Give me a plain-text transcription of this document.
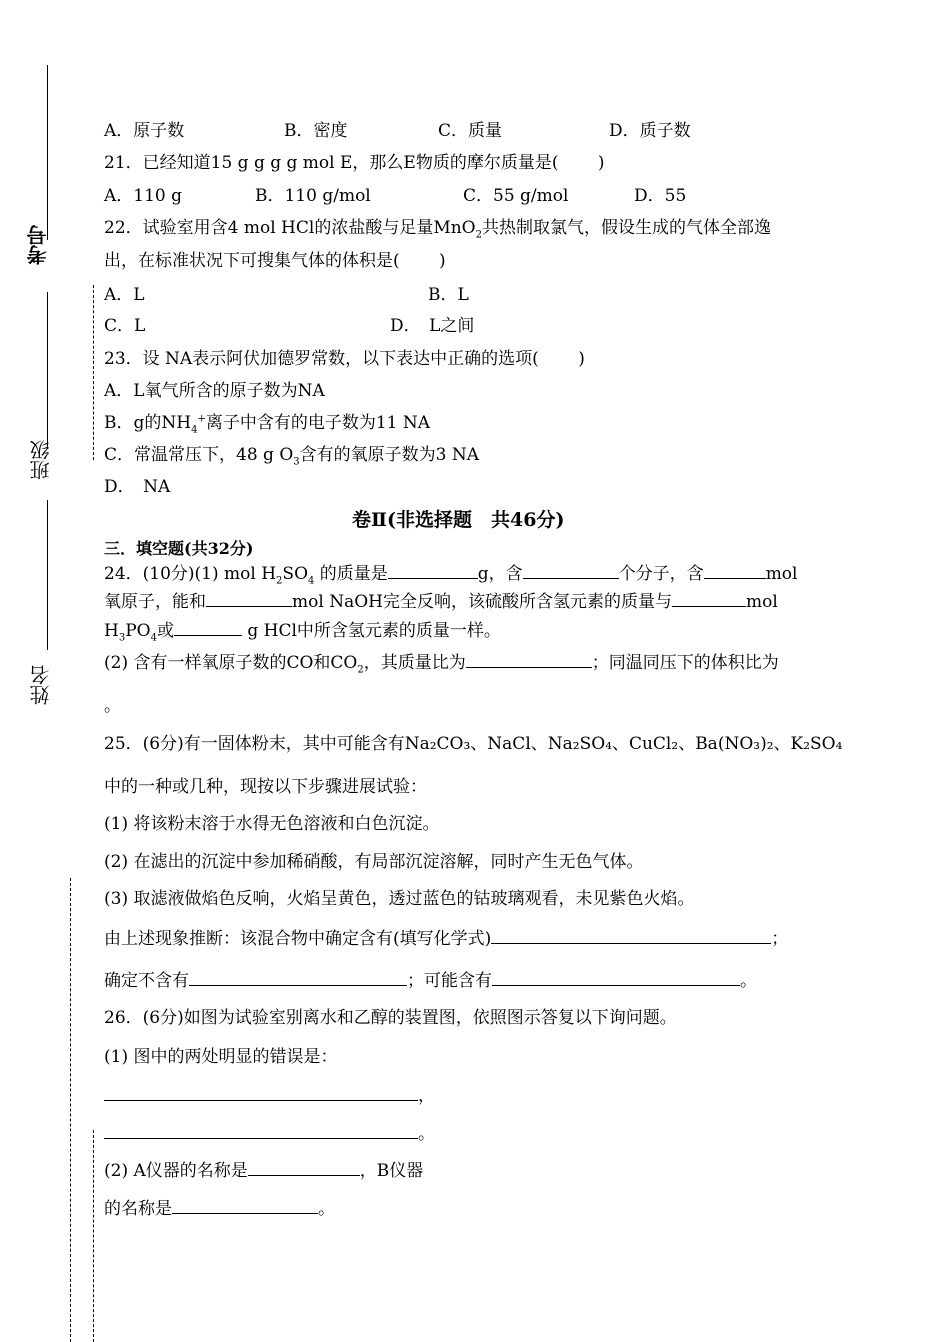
考号
班级
姓名
A．原子数	B．密度	C．质量	D．质子数
21．已经知道15 g g g g mol E，那么E物质的摩尔质量是(　　 )
A．110 g	B．110 g/mol	C．55 g/mol	D．55
22．试验室用含4 mol HCl的浓盐酸与足量MnO$_2$共热制取氯气，假设生成的气体全部逸
出，在标准状况下可搜集气体的体积是(　　 )
A．L	B．L
C．L	D．　L之间
23．设 NA表示阿伏加德罗常数，以下表达中正确的选项(　　 )
A．L氧气所含的原子数为NA
B．g的$NH_4^+$离子中含有的电子数为11 NA
C．常温常压下，48 g $O_3$含有的氧原子数为3 NA
D．　NA
卷Ⅱ(非选择题　共46分)
三．填空题(共32分)
24．(10分)(1) mol $H_2SO_4$ 的质量是	g，含	个分子，含	mol
氧原子，能和	mol NaOH完全反响，该硫酸所含氢元素的质量与	mol
$H_3PO_4$或	g HCl中所含氢元素的质量一样。
(2) 含有一样氧原子数的CO和$CO_2$，其质量比为	；同温同压下的体积比为
。
25．(6分)有一固体粉末，其中可能含有Na₂CO₃、NaCl、Na₂SO₄、CuCl₂、Ba(NO₃)₂、K₂SO₄
中的一种或几种，现按以下步骤进展试验：
(1) 将该粉末溶于水得无色溶液和白色沉淀。
(2) 在滤出的沉淀中参加稀硝酸，有局部沉淀溶解，同时产生无色气体。
(3) 取滤液做焰色反响，火焰呈黄色，透过蓝色的钴玻璃观看，未见紫色火焰。
由上述现象推断：该混合物中确定含有(填写化学式)	；
确定不含有	；可能含有	。
26．(6分)如图为试验室别离水和乙醇的装置图，依照图示答复以下询问题。
(1) 图中的两处明显的错误是：
，
。
(2) A仪器的名称是	，B仪器
的名称是	。
